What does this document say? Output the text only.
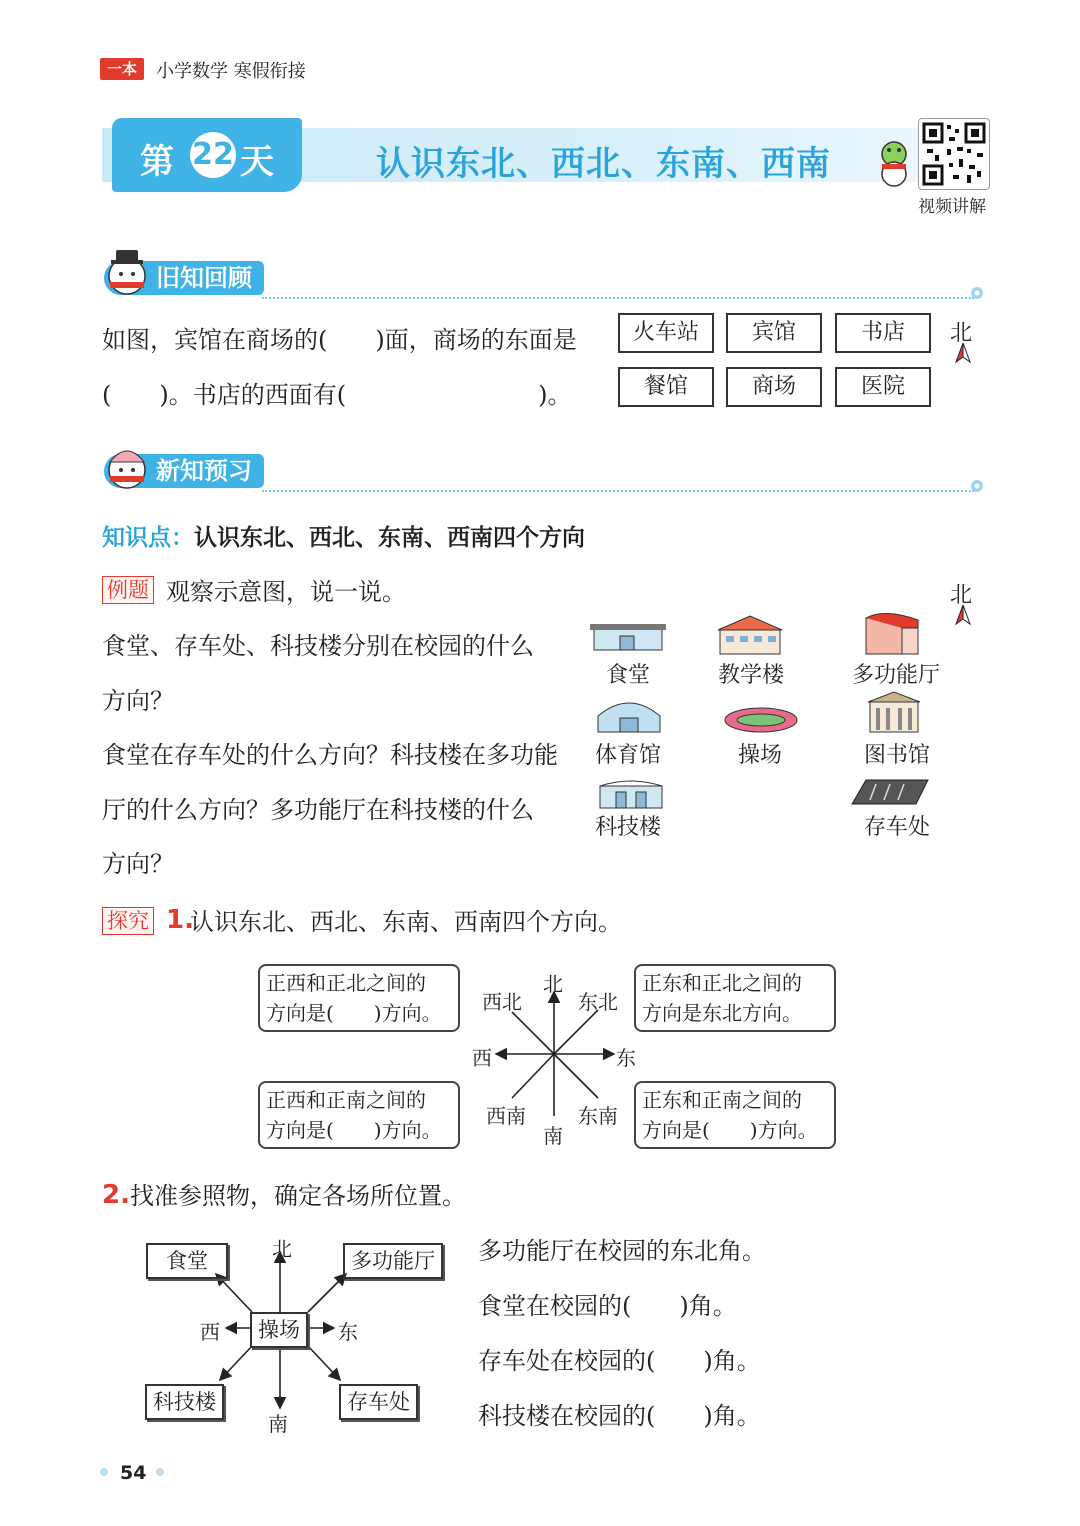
一本	小学数学 寒假衔接
第 22 天	认识东北、西北、东南、西南
视频讲解
旧知回顾
如图，宾馆在商场的(　　)面，商场的东面是
(　　)。书店的西面有(　　　　　　　　)。
火车站	宾馆	书店
餐馆	商场	医院
北
新知预习
知识点：认识东北、西北、东南、西南四个方向
例题 观察示意图，说一说。
食堂、存车处、科技楼分别在校园的什么
方向？
食堂在存车处的什么方向？科技楼在多功能
厅的什么方向？多功能厅在科技楼的什么
方向？
北
食堂	教学楼	多功能厅
体育馆	操场	图书馆
科技楼	存车处
探究 1.
认识东北、西北、东南、西南四个方向。
北
南
东
西
西北	东北
西南	东南
正西和正北之间的
方向是(　　)方向。
正东和正北之间的
方向是东北方向。
正西和正南之间的
方向是(　　)方向。
正东和正南之间的
方向是(　　)方向。
2. 找准参照物，确定各场所位置。
操场
食堂	多功能厅
科技楼	存车处
北
南
东
西
多功能厅在校园的东北角。
食堂在校园的(　　)角。
存车处在校园的(　　)角。
科技楼在校园的(　　)角。
54
